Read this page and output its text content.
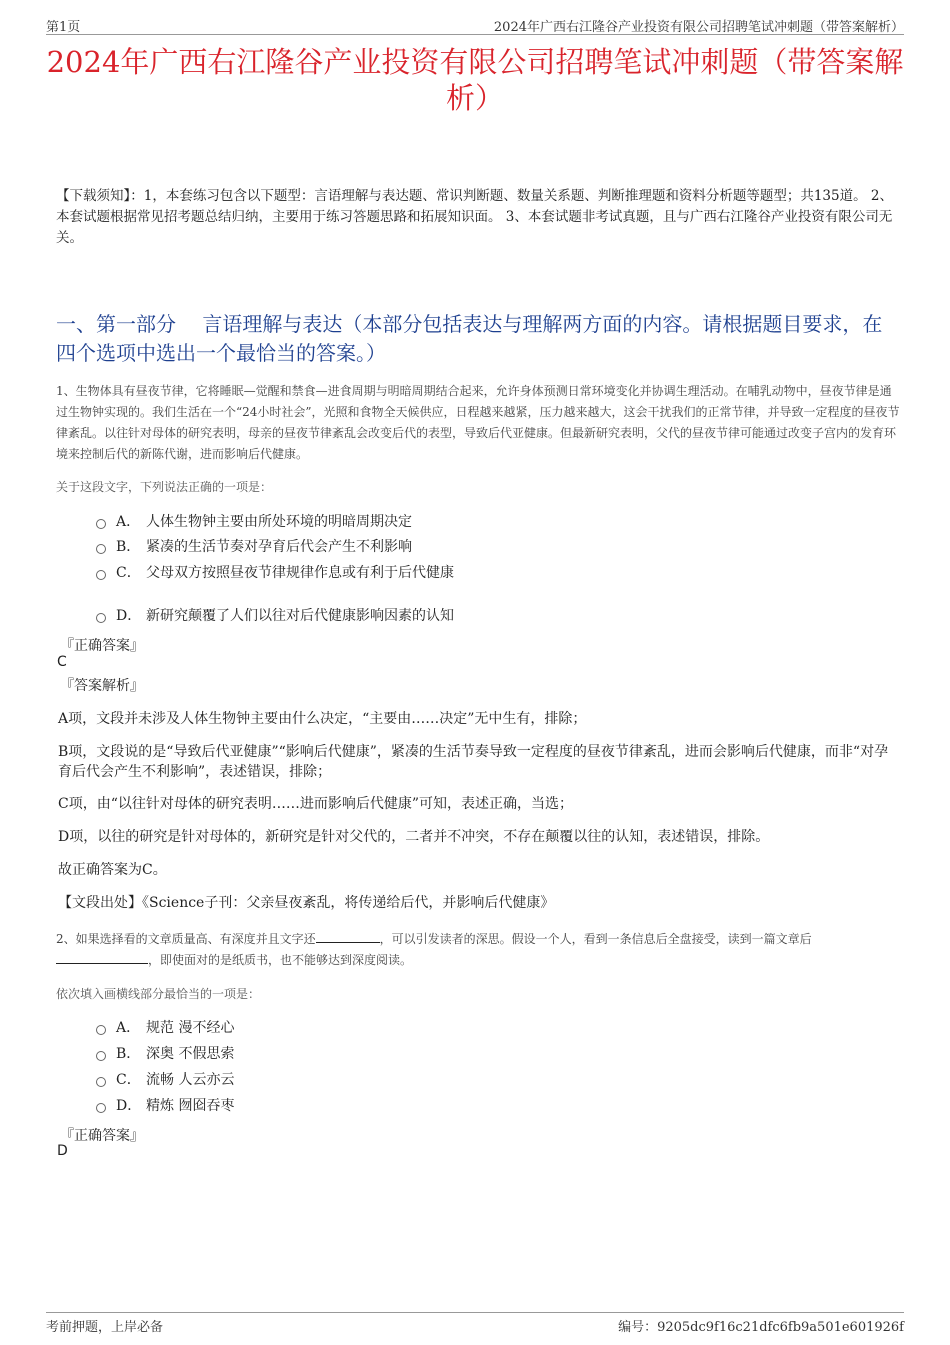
第1页	2024年广西右江隆谷产业投资有限公司招聘笔试冲刺题（带答案解析）
2024年广西右江隆谷产业投资有限公司招聘笔试冲刺题（带答案解析）
【下载须知】：1，本套练习包含以下题型：言语理解与表达题、常识判断题、数量关系题、判断推理题和资料分析题等题型；共135道。 2、本套试题根据常见招考题总结归纳，主要用于练习答题思路和拓展知识面。 3、本套试题非考试真题，且与广西右江隆谷产业投资有限公司无关。
一、第一部分　 言语理解与表达（本部分包括表达与理解两方面的内容。请根据题目要求，在四个选项中选出一个最恰当的答案。）
1、生物体具有昼夜节律，它将睡眠—觉醒和禁食—进食周期与明暗周期结合起来，允许身体预测日常环境变化并协调生理活动。在哺乳动物中，昼夜节律是通过生物钟实现的。我们生活在一个“24小时社会”，光照和食物全天候供应，日程越来越紧，压力越来越大，这会干扰我们的正常节律，并导致一定程度的昼夜节律紊乱。以往针对母体的研究表明，母亲的昼夜节律紊乱会改变后代的表型，导致后代亚健康。但最新研究表明，父代的昼夜节律可能通过改变子宫内的发育环境来控制后代的新陈代谢，进而影响后代健康。
关于这段文字，下列说法正确的一项是：
A． 人体生物钟主要由所处环境的明暗周期决定
B． 紧凑的生活节奏对孕育后代会产生不利影响
C． 父母双方按照昼夜节律规律作息或有利于后代健康
D． 新研究颠覆了人们以往对后代健康影响因素的认知
『正确答案』
C
『答案解析』
A项，文段并未涉及人体生物钟主要由什么决定，“主要由……决定”无中生有，排除；
B项，文段说的是“导致后代亚健康”“影响后代健康”，紧凑的生活节奏导致一定程度的昼夜节律紊乱，进而会影响后代健康，而非“对孕育后代会产生不利影响”，表述错误，排除；
C项，由“以往针对母体的研究表明……进而影响后代健康”可知，表述正确，当选；
D项，以往的研究是针对母体的，新研究是针对父代的，二者并不冲突，不存在颠覆以往的认知，表述错误，排除。
故正确答案为C。
【文段出处】《Science子刊：父亲昼夜紊乱，将传递给后代，并影响后代健康》
2、如果选择看的文章质量高、有深度并且文字还	，可以引发读者的深思。假设一个人，看到一条信息后全盘接受，读到一篇文章后，即使面对的是纸质书，也不能够达到深度阅读。
依次填入画横线部分最恰当的一项是：
A． 规范 漫不经心
B． 深奥 不假思索
C． 流畅 人云亦云
D． 精炼 囫囵吞枣
『正确答案』
D
考前押题，上岸必备	编号：9205dc9f16c21dfc6fb9a501e601926f
